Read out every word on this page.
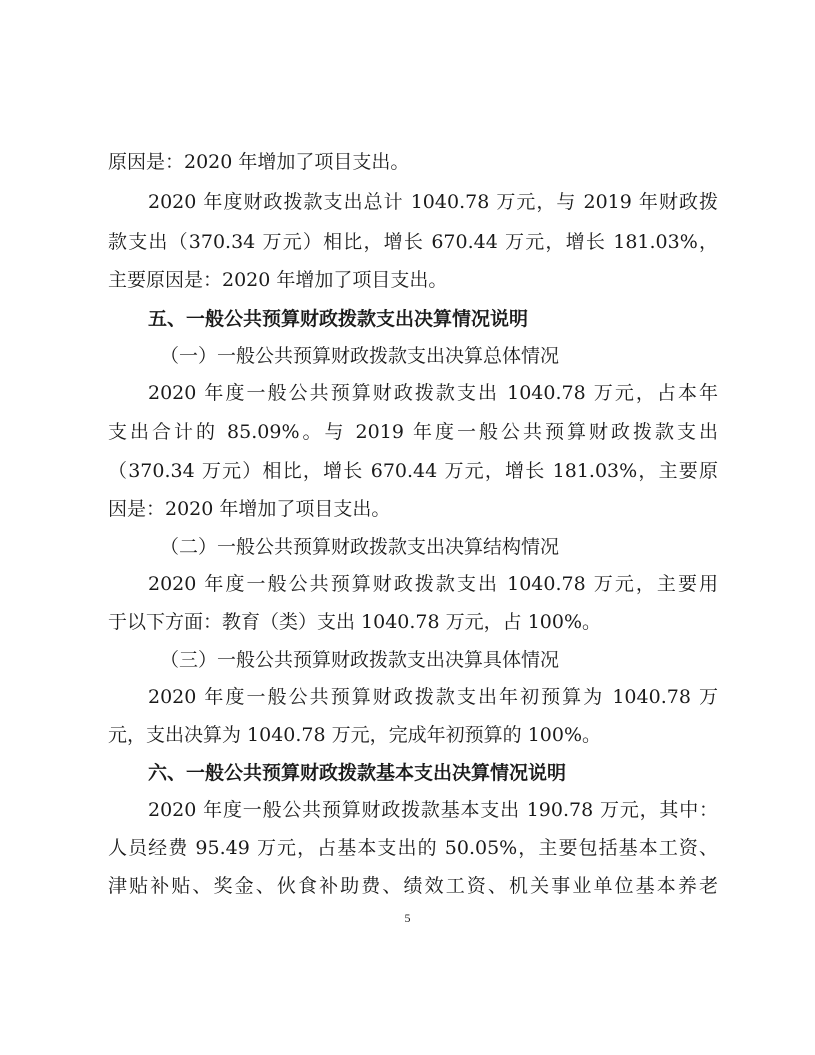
原因是：2020 年增加了项目支出。
2020 年度财政拨款支出总计 1040.78 万元，与 2019 年财政拨
款支出（370.34 万元）相比，增长 670.44 万元，增长 181.03%，
主要原因是：2020 年增加了项目支出。
五、一般公共预算财政拨款支出决算情况说明
（一）一般公共预算财政拨款支出决算总体情况
2020 年度一般公共预算财政拨款支出 1040.78 万元，占本年
支出合计的 85.09%。与 2019 年度一般公共预算财政拨款支出
（370.34 万元）相比，增长 670.44 万元，增长 181.03%，主要原
因是：2020 年增加了项目支出。
（二）一般公共预算财政拨款支出决算结构情况
2020 年度一般公共预算财政拨款支出 1040.78 万元，主要用
于以下方面：教育（类）支出 1040.78 万元，占 100%。
（三）一般公共预算财政拨款支出决算具体情况
2020 年度一般公共预算财政拨款支出年初预算为 1040.78 万
元，支出决算为 1040.78 万元，完成年初预算的 100%。
六、一般公共预算财政拨款基本支出决算情况说明
2020 年度一般公共预算财政拨款基本支出 190.78 万元，其中：
人员经费 95.49 万元，占基本支出的 50.05%，主要包括基本工资、
津贴补贴、奖金、伙食补助费、绩效工资、机关事业单位基本养老
5
